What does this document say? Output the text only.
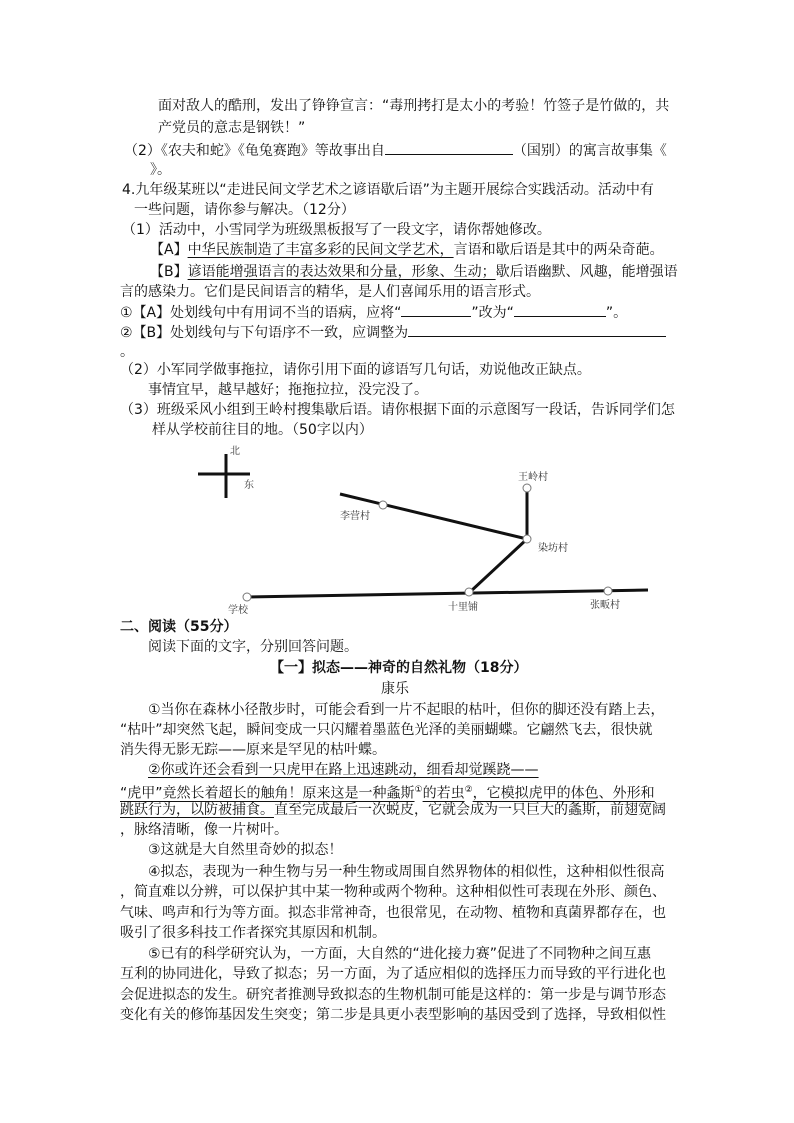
面对敌人的酷刑，发出了铮铮宣言：“毒刑拷打是太小的考验！竹签子是竹做的，共
产党员的意志是钢铁！”
（2）《农夫和蛇》《龟兔赛跑》等故事出自	（国别）的寓言故事集《
》。
4.九年级某班以“走进民间文学艺术之谚语歇后语”为主题开展综合实践活动。活动中有
一些问题，请你参与解决。（12分）
（1）活动中，小雪同学为班级黑板报写了一段文字，请你帮她修改。
【A】中华民族制造了丰富多彩的民间文学艺术，言语和歇后语是其中的两朵奇葩。
【B】谚语能增强语言的表达效果和分量，形象、生动；歇后语幽默、风趣，能增强语
言的感染力。它们是民间语言的精华，是人们喜闻乐用的语言形式。
①【A】处划线句中有用词不当的语病，应将“	”改为“	”。
②【B】处划线句与下句语序不一致，应调整为
。
（2）小军同学做事拖拉，请你引用下面的谚语写几句话，劝说他改正缺点。
事情宜早，越早越好；拖拖拉拉，没完没了。
（3）班级采风小组到王岭村搜集歇后语。请你根据下面的示意图写一段话，告诉同学们怎
样从学校前往目的地。（50字以内）
北
东
王岭村
李营村
染坊村
学校	十里铺	张畈村
二、阅读（55分）
阅读下面的文字，分别回答问题。
【一】拟态——神奇的自然礼物（18分）
康乐
①当你在森林小径散步时，可能会看到一片不起眼的枯叶，但你的脚还没有踏上去，
“枯叶”却突然飞起，瞬间变成一只闪耀着墨蓝色光泽的美丽蝴蝶。它翩然飞去，很快就
消失得无影无踪——原来是罕见的枯叶蝶。
②你或许还会看到一只虎甲在路上迅速跳动，细看却觉蹊跷——
“虎甲”竟然长着超长的触角！原来这是一种螽斯①的若虫②，它模拟虎甲的体色、外形和
跳跃行为，以防被捕食。直至完成最后一次蜕皮，它就会成为一只巨大的螽斯，前翅宽阔
，脉络清晰，像一片树叶。
③这就是大自然里奇妙的拟态！
④拟态，表现为一种生物与另一种生物或周围自然界物体的相似性，这种相似性很高
，简直难以分辨，可以保护其中某一物种或两个物种。这种相似性可表现在外形、颜色、
气味、鸣声和行为等方面。拟态非常神奇，也很常见，在动物、植物和真菌界都存在，也
吸引了很多科技工作者探究其原因和机制。
⑤已有的科学研究认为，一方面，大自然的“进化接力赛”促进了不同物种之间互惠
互利的协同进化，导致了拟态；另一方面，为了适应相似的选择压力而导致的平行进化也
会促进拟态的发生。研究者推测导致拟态的生物机制可能是这样的：第一步是与调节形态
变化有关的修饰基因发生突变；第二步是具更小表型影响的基因受到了选择，导致相似性
